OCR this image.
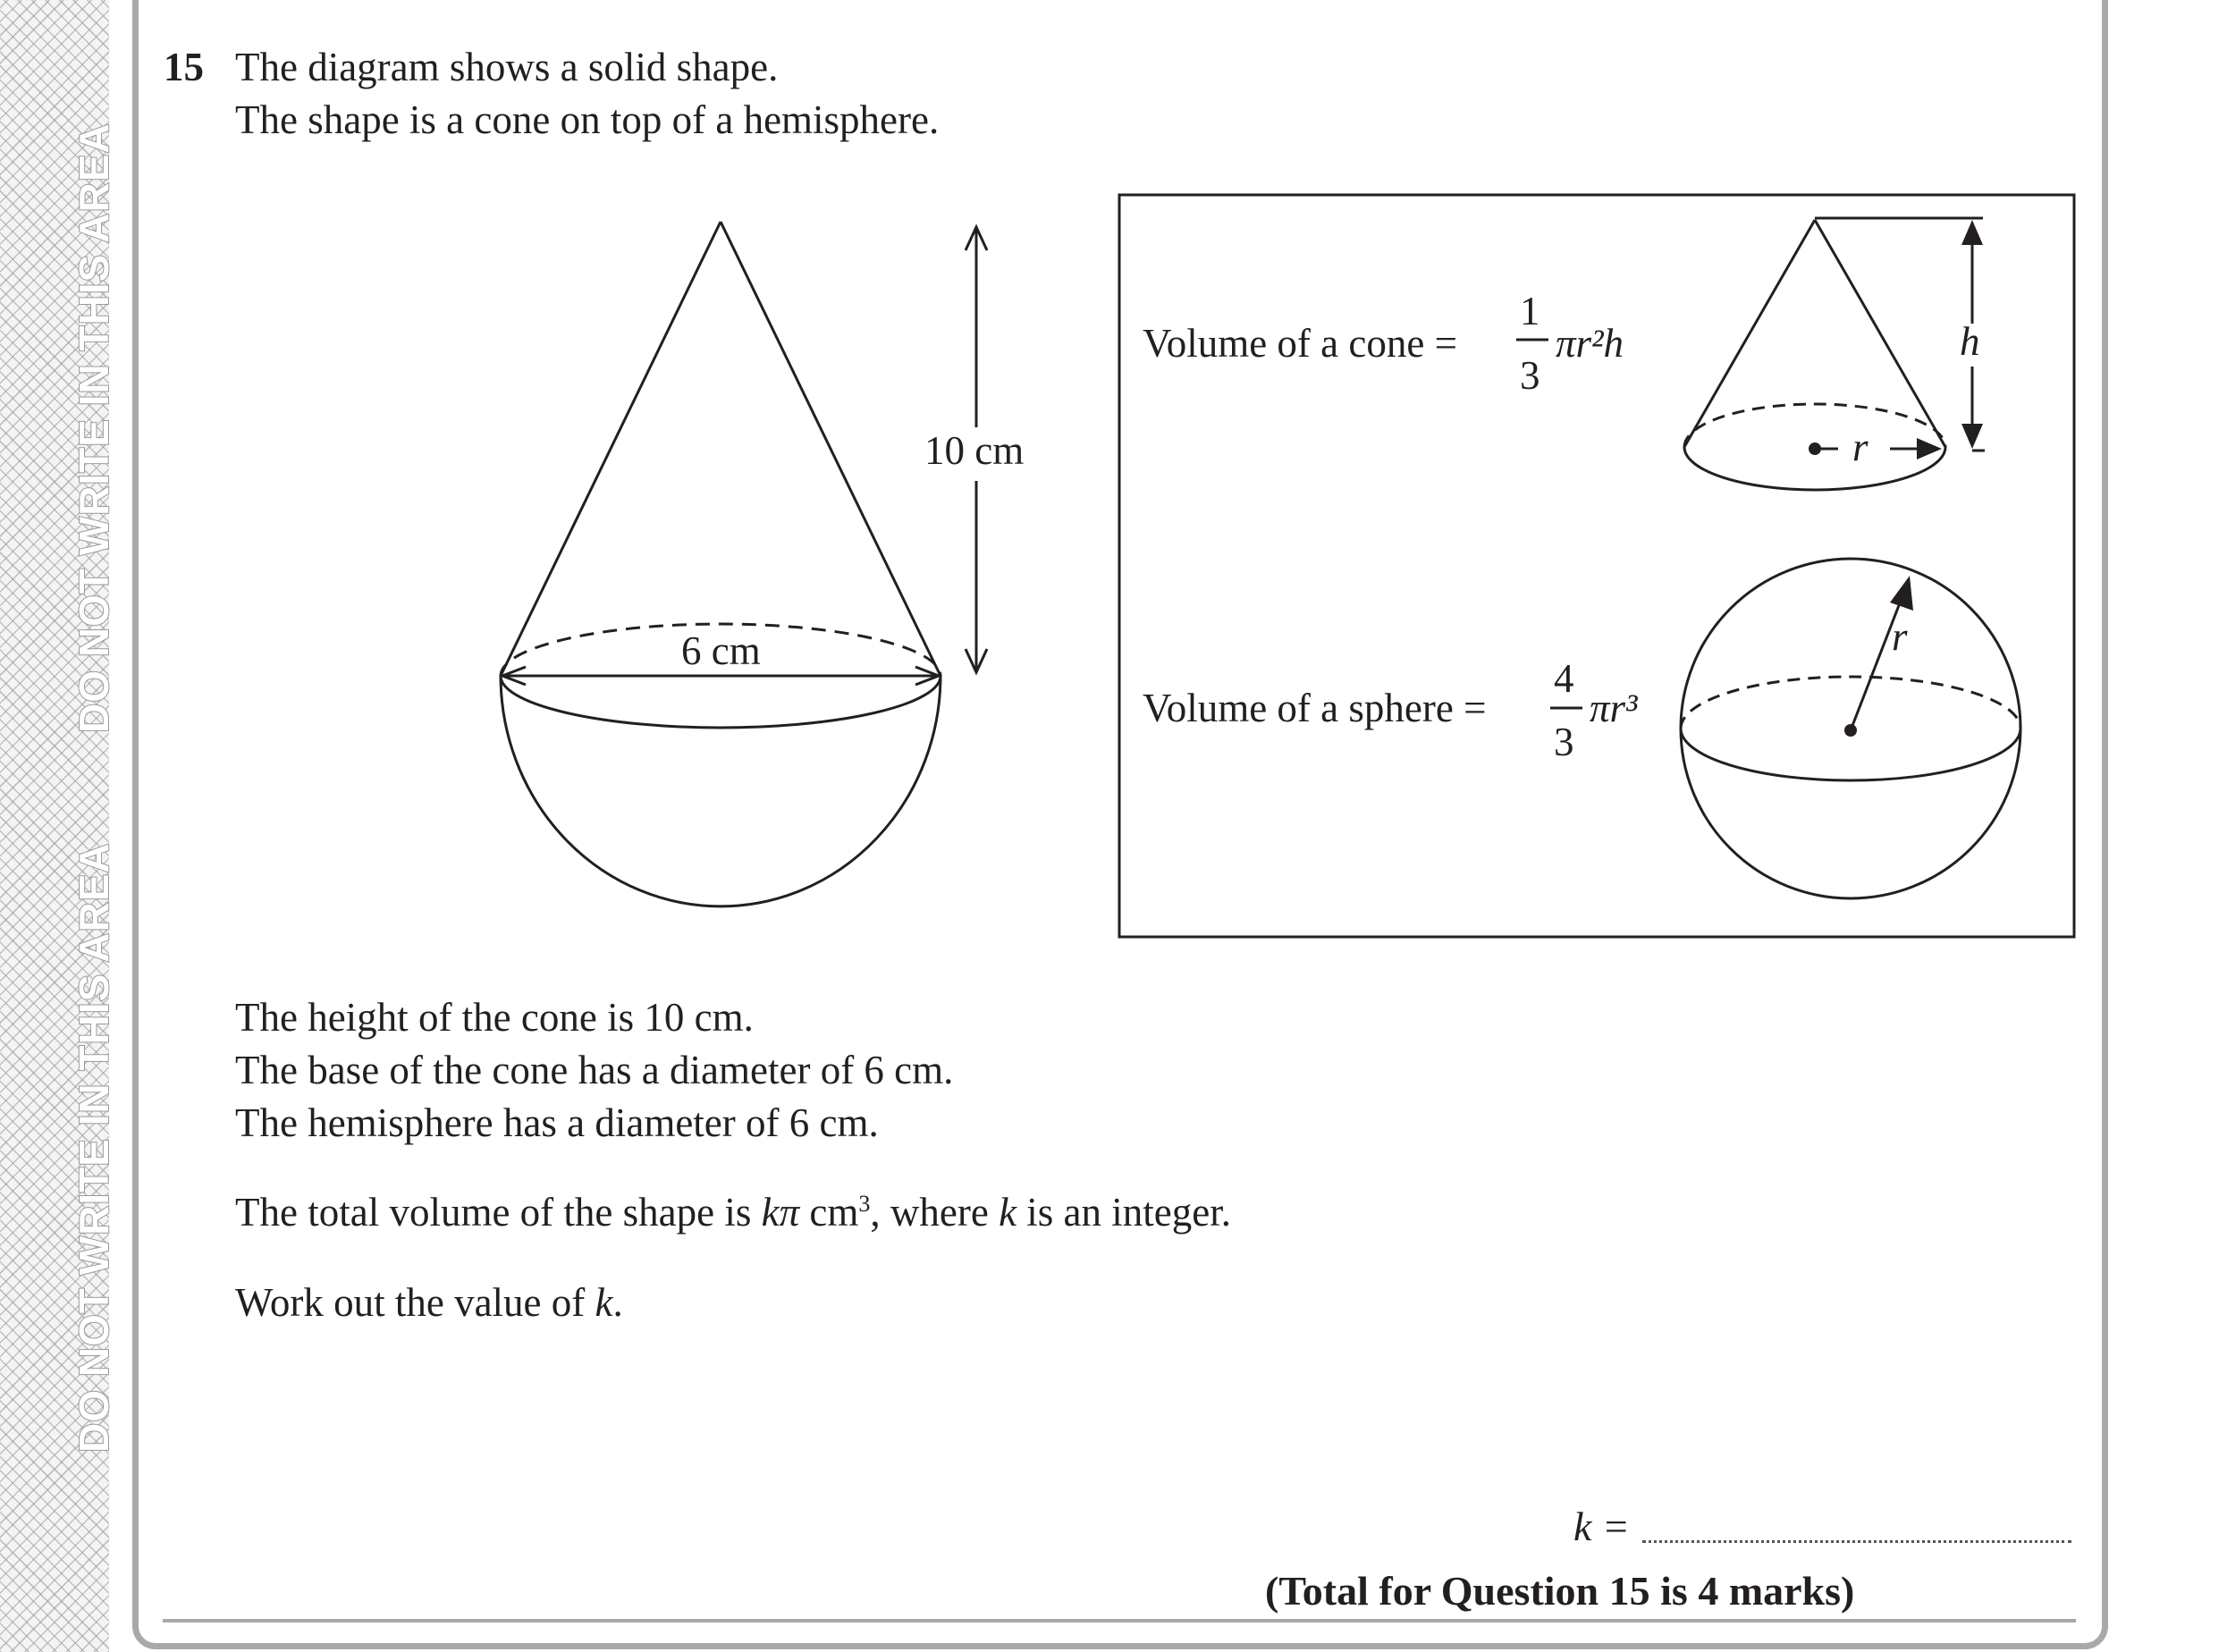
DO NOT WRITE IN THIS AREA
DO NOT WRITE IN THIS AREA
15 The diagram shows a solid shape.
The shape is a cone on top of a hemisphere.
6 cm
10 cm
Volume of a cone =
1
3
πr²h	h
r
Volume of a sphere =
4
3
πr³
r
The height of the cone is 10 cm.
The base of the cone has a diameter of 6 cm.
The hemisphere has a diameter of 6 cm.
The total volume of the shape is kπ $cm^3$, where k is an integer.
Work out the value of k.
k =
(Total for Question 15 is 4 marks)
